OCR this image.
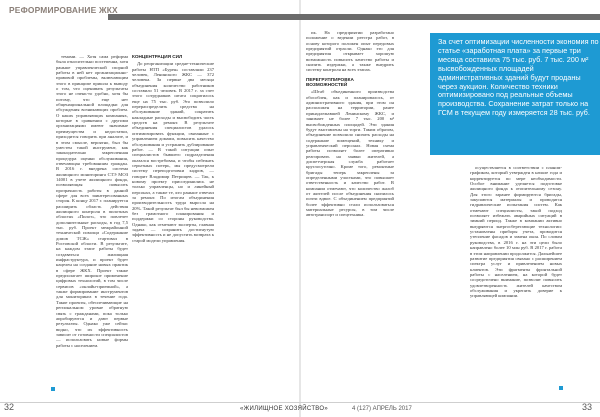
РЕФОРМИРОВАНИЕ ЖКХ

темами. — Хотя сама реформа была относительно постепенна, хотя раньше управленческой спорной работы в ней нет организационно-правовой проблемы, включающим этого в принципе пришла к выводу о том, что оценивать результаты этого не очень-то удобно, хотя бы потому, что еще нет общенациональной площадки для обсуждения возникающих проблем. О каких управляющих компаниях, которые в сравнении с другими организациями имеют значимые преимущества и недостатки, приходится говорить при анализе, и в этом смысле, вероятно, был бы уместен такой инструмент, как законодательно закрепленная процедура оценки обслуживания, отвечающая требованиям граждан. В 2016 г. внедрена система жилищного мониторинга СТЭ МОЗ 14001 в учете жилищного фонда, позволяющая повысить прозрачность работы в данной сфере для всех заинтересованных сторон. К концу 2017 г. планируется расширить область действия жилищного контроля в пилотных областях «Пилот», что повлечет дополнительные расходы, в год 7,5 тыс. руб. Проект межрайонной технической помощи «Содержание домов ТСЖ» стартовал в Ростовской области. В результате, на каждом этапе работы будет создаваться жилищная инфраструктура, и проект будет нацелен на создание новых практик в сфере ЖКХ. Проект также предполагает широкое применение цифровых технологий, в том числе сервисов «онлайн-приемной», а также формирование инструментов для мониторинга в течение года. Такие проекты, обеспечивающие на региональном уровне обратную связь с гражданами, пока только апробируются и дают первые результаты. Однако уже сейчас видно, что их эффективность зависит от готовности специалистов — использовать новые формы работы с населением.

КОНЦЕНТРАЦИЯ СИЛ

До реорганизации средне-технические работы НТП «Бурея» составляли 237 человек, Ленинского ЖКС — 372 человека. За первые два месяца объединения количество работников составило 51 человек. В 2017 г. за счет этого сотрудников штата сократилось еще на 75 тыс. руб. Это позволило перераспределить средства на обслуживание зданий, сократить накладные расходы и высвободить часть средств на ремонт. В результате объединения специалистов удалось оптимизировать функции, связанные с управлением домами, повысить качество обслуживания и устранить дублирование работ. — В такой ситуации опыт специалистов бывшего подразделения оказался востребован, и чтобы избежать серьезных потерь, мы предусмотрели систему переподготовки кадров, — говорит Владимир Петрищев. — Так, к новому проекту присоединились не только управленцы, но и линейный персонал, а также те, кто раньше отвечал за ремонт. По итогам объединения производительность труда выросла на 20%. Такой результат был бы невозможен без грамотного планирования и поддержки со стороны руководства. Однако, как отмечают эксперты, главная задача — сохранить достигнутую эффективность и не допустить возврата к старой модели управления.

32
За счет оптимизации численности экономия по статье «заработная плата» за первые три месяца составила 75 тыс. руб. 7 тыс. 200 м² высвобожденных площадей административных зданий будут проданы через аукцион. Количество техники оптимизировано под реальные объемы производства. Сохранение затрат только на ГСМ в текущем году измеряется 28 тыс. руб.

пк. На предприятии разработано положение о ведении реестра работ, в основу которого положен опыт передовых предприятий отрасли. Однако это для предприятия открывает хорошую возможность повысить качество работы и снизить издержки, а также внедрить систему контроля на всех этапах.

ПЕРЕГРУППИРОВКА ВОЗМОЖНОСТЕЙ

«Штаб объединенного производства обособлен, как и планировалось, от административного здания, при этом он расположен на территории, ранее принадлежавшей Ленинскому ЖКС, и занимает не более 7 тыс. 200 м² высвобожденных площадей. Эти здания будут выставлены на торги. Таким образом, объединение позволило снизить расходы на содержание помещений, технику и управленческий персонал. Новая схема работы позволяет более оперативно реагировать на заявки жителей, а диспетчерская служба работает круглосуточно. Кроме того, ремонтные бригады теперь закреплены за определенными участками, что повышает ответственность и качество работ. В компании отмечают, что количество жалоб от жителей после объединения снизилось почти вдвое. С объединением предприятий более эффективно стали использоваться материальные ресурсы, в том числе автотранспорт и спецтехника.

осуществляется в соответствии с планом-графиком, который утвержден в начале года и корректируется по мере необходимости. Особое внимание уделяется подготовке жилищного фонда к отопительному сезону. Для этого заранее формируются бригады, закупаются материалы и проводятся гидравлические испытания систем. Как отмечают специалисты, такой подход позволяет избежать аварийных ситуаций в зимний период. Также в компании активно внедряются энергосберегающие технологии: установлены приборы учета, проводится утепление фасадов и замена окон. По словам руководства, в 2016 г. на эти цели было направлено более 10 млн руб. В 2017 г. работа в этом направлении продолжится. Дальнейшее развитие предприятия связано с расширением спектра услуг и привлечением новых клиентов. Эти фрагменты фронтальной работы с населением, на которой будет сосредоточено внимание, позволят повысить удовлетворенность жителей качеством обслуживания и укрепить доверие к управляющей компании.

«ЖИЛИЩНОЕ ХОЗЯЙСТВО»	4 (127) АПРЕЛЬ 2017	33
